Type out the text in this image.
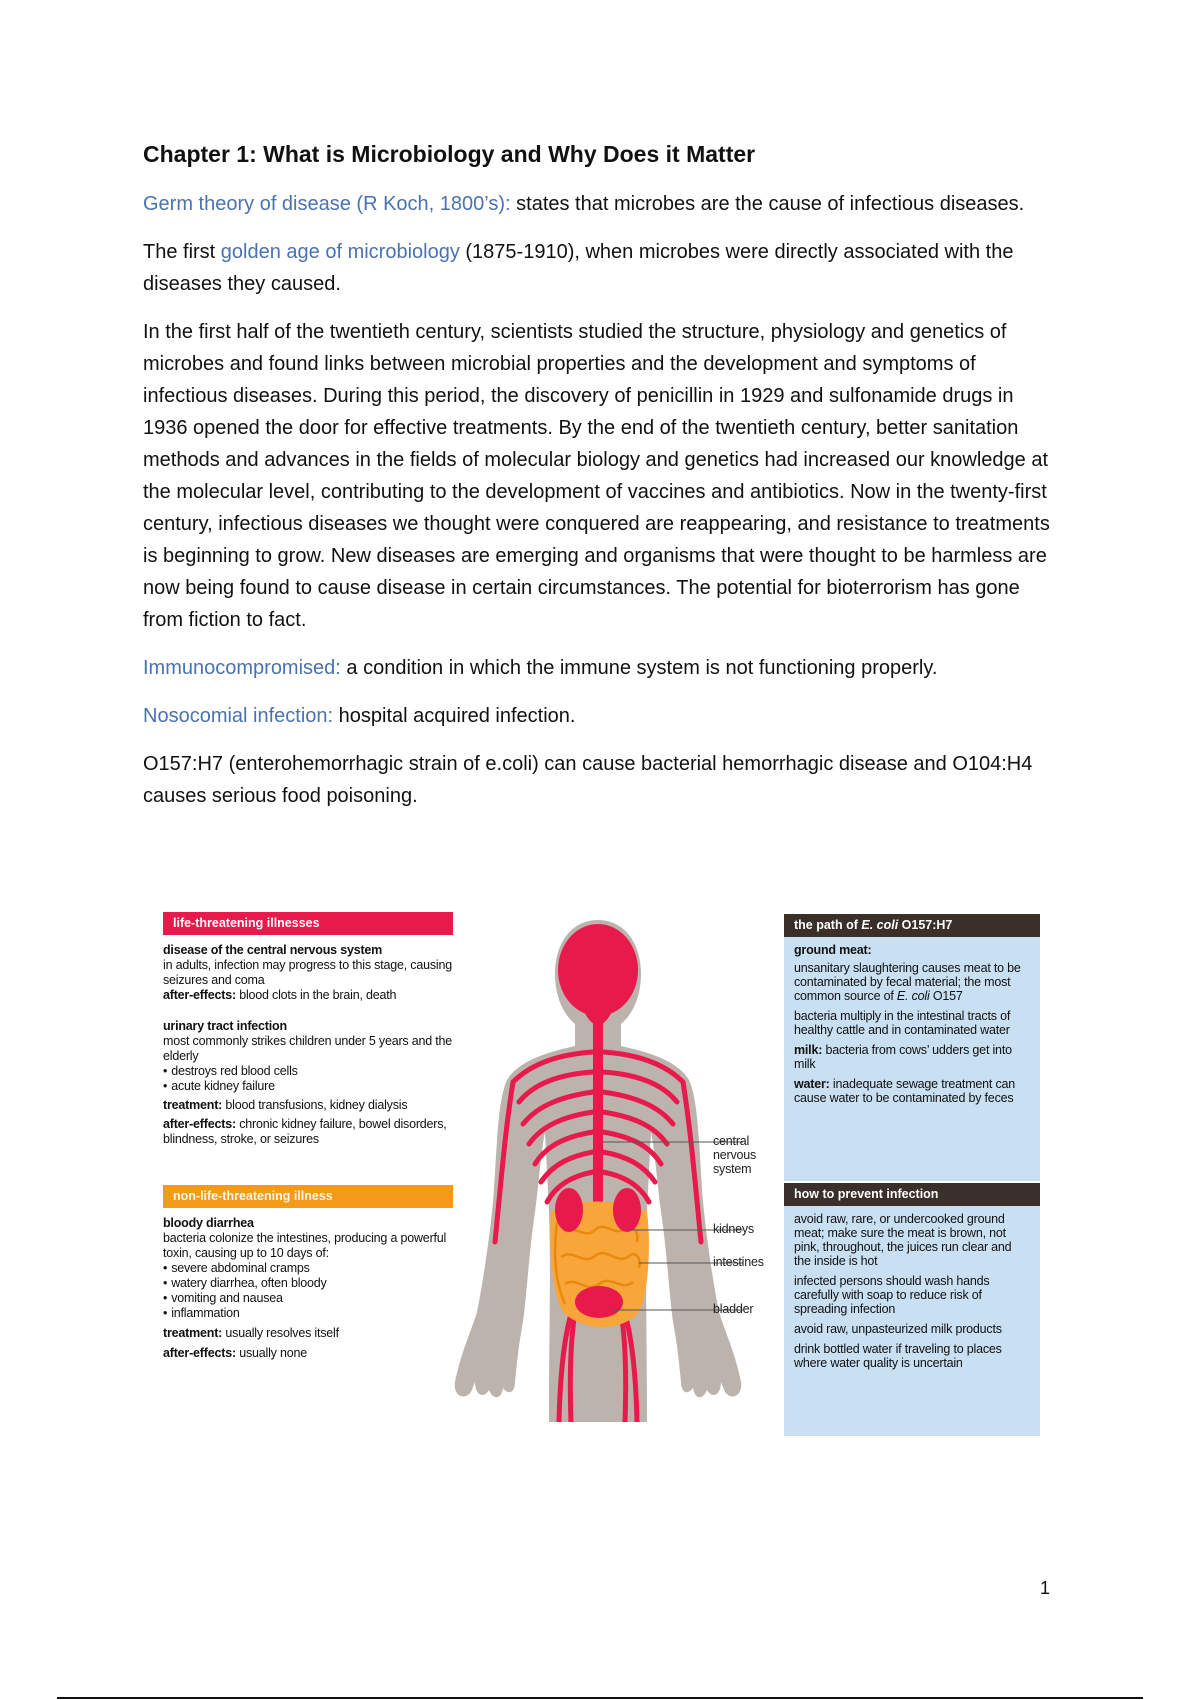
Chapter 1: What is Microbiology and Why Does it Matter

Germ theory of disease (R Koch, 1800’s): states that microbes are the cause of infectious diseases.

The first golden age of microbiology (1875-1910), when microbes were directly associated with the diseases they caused.

In the first half of the twentieth century, scientists studied the structure, physiology and genetics of microbes and found links between microbial properties and the development and symptoms of infectious diseases. During this period, the discovery of penicillin in 1929 and sulfonamide drugs in 1936 opened the door for effective treatments. By the end of the twentieth century, better sanitation methods and advances in the fields of molecular biology and genetics had increased our knowledge at the molecular level, contributing to the development of vaccines and antibiotics. Now in the twenty-first century, infectious diseases we thought were conquered are reappearing, and resistance to treatments is beginning to grow. New diseases are emerging and organisms that were thought to be harmless are now being found to cause disease in certain circumstances. The potential for bioterrorism has gone from fiction to fact.

Immunocompromised: a condition in which the immune system is not functioning properly.

Nosocomial infection: hospital acquired infection.

O157:H7 (enterohemorrhagic strain of e.coli) can cause bacterial hemorrhagic disease and O104:H4 causes serious food poisoning.

life-threatening illnesses
disease of the central nervous system
in adults, infection may progress to this stage, causing seizures and coma
after-effects: blood clots in the brain, death
urinary tract infection
most commonly strikes children under 5 years and the elderly
• destroys red blood cells
• acute kidney failure
treatment: blood transfusions, kidney dialysis
after-effects: chronic kidney failure, bowel disorders, blindness, stroke, or seizures
non-life-threatening illness
bloody diarrhea
bacteria colonize the intestines, producing a powerful toxin, causing up to 10 days of:
• severe abdominal cramps
• watery diarrhea, often bloody
• vomiting and nausea
• inflammation
treatment: usually resolves itself
after-effects: usually none
central nervous system
kidneys
intestines
bladder
the path of E. coli O157:H7
ground meat:
unsanitary slaughtering causes meat to be contaminated by fecal material; the most common source of E. coli O157
bacteria multiply in the intestinal tracts of healthy cattle and in contaminated water
milk: bacteria from cows’ udders get into milk
water: inadequate sewage treatment can cause water to be contaminated by feces
how to prevent infection
avoid raw, rare, or undercooked ground meat; make sure the meat is brown, not pink, throughout, the juices run clear and the inside is hot
infected persons should wash hands carefully with soap to reduce risk of spreading infection
avoid raw, unpasteurized milk products
drink bottled water if traveling to places where water quality is uncertain
1
